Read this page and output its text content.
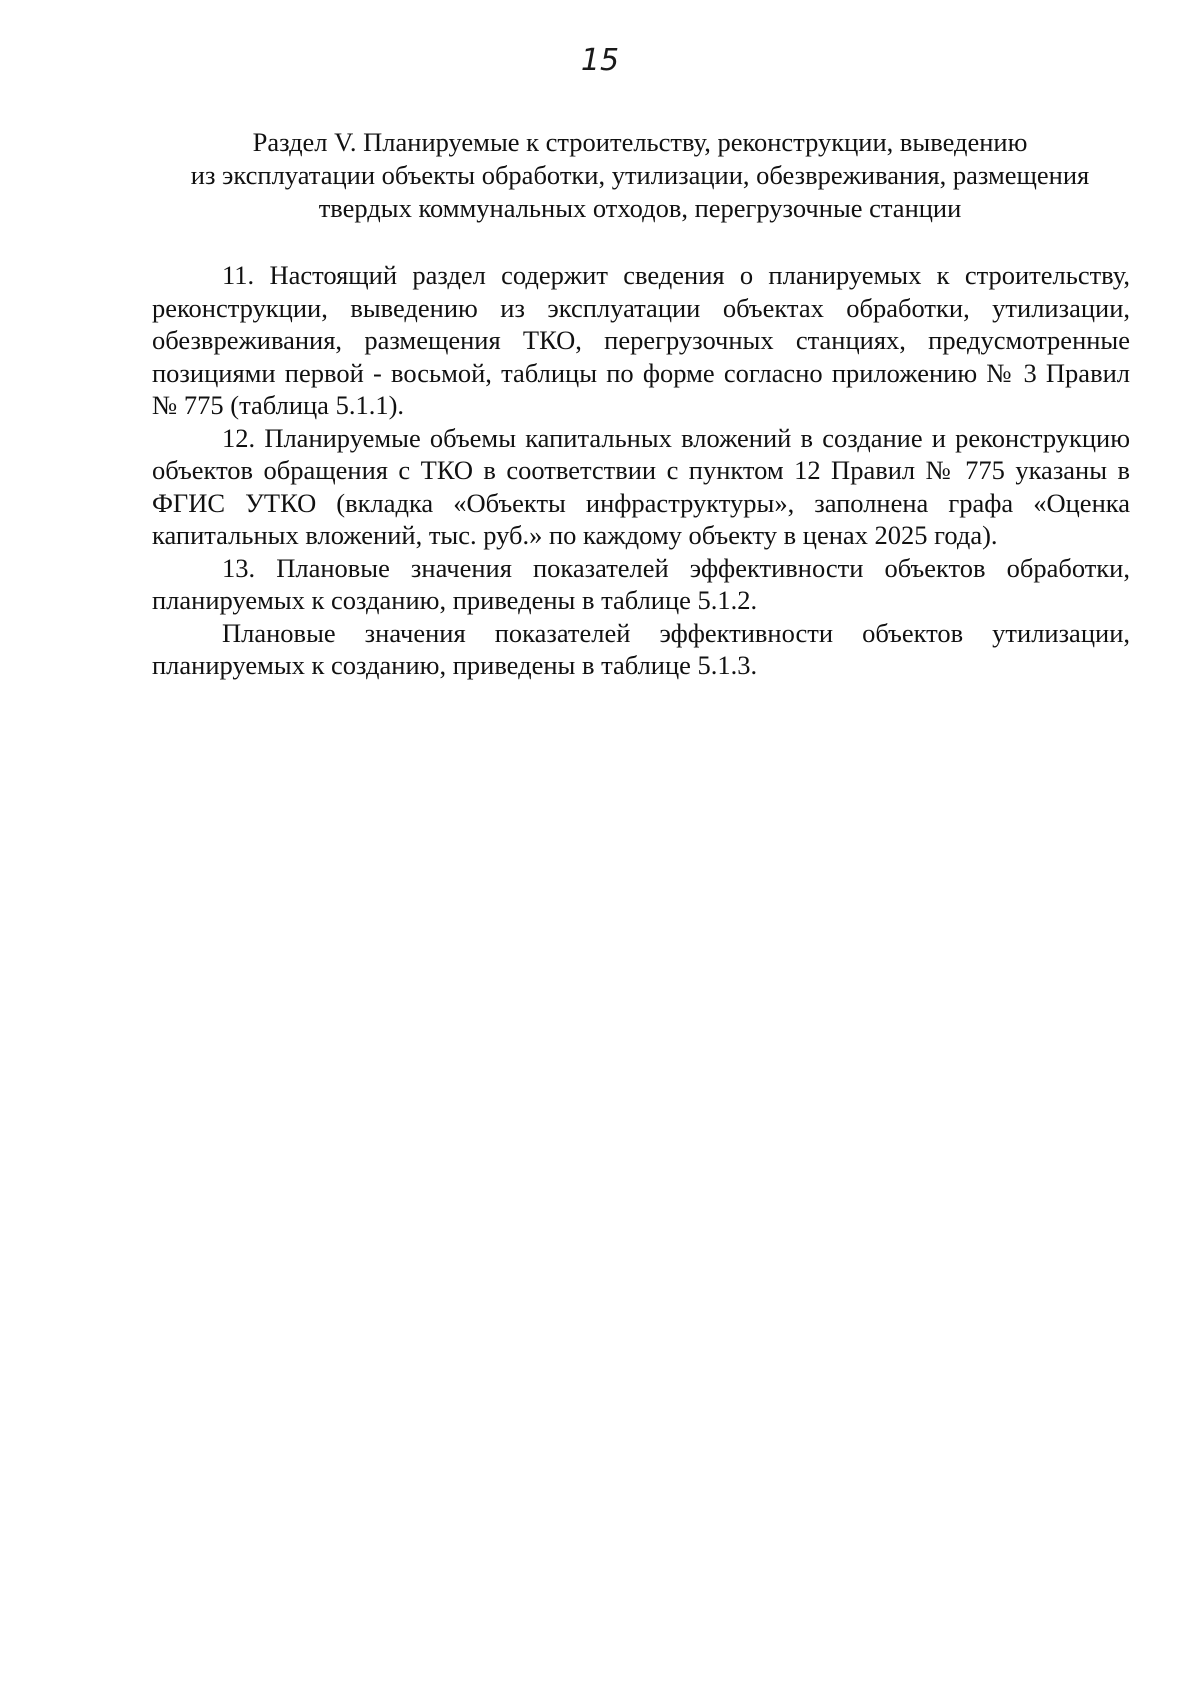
15
Раздел V. Планируемые к строительству, реконструкции, выведению
из эксплуатации объекты обработки, утилизации, обезвреживания, размещения
твердых коммунальных отходов, перегрузочные станции

11. Настоящий раздел содержит сведения о планируемых к строительству, реконструкции, выведению из эксплуатации объектах обработки, утилизации, обезвреживания, размещения ТКО, перегрузочных станциях, предусмотренные позициями первой - восьмой, таблицы по форме согласно приложению № 3 Правил № 775 (таблица 5.1.1).

12. Планируемые объемы капитальных вложений в создание и реконструкцию объектов обращения с ТКО в соответствии с пунктом 12 Правил № 775 указаны в ФГИС УТКО (вкладка «Объекты инфраструктуры», заполнена графа «Оценка капитальных вложений, тыс. руб.» по каждому объекту в ценах 2025 года).

13. Плановые значения показателей эффективности объектов обработки, планируемых к созданию, приведены в таблице 5.1.2.

Плановые значения показателей эффективности объектов утилизации, планируемых к созданию, приведены в таблице 5.1.3.
